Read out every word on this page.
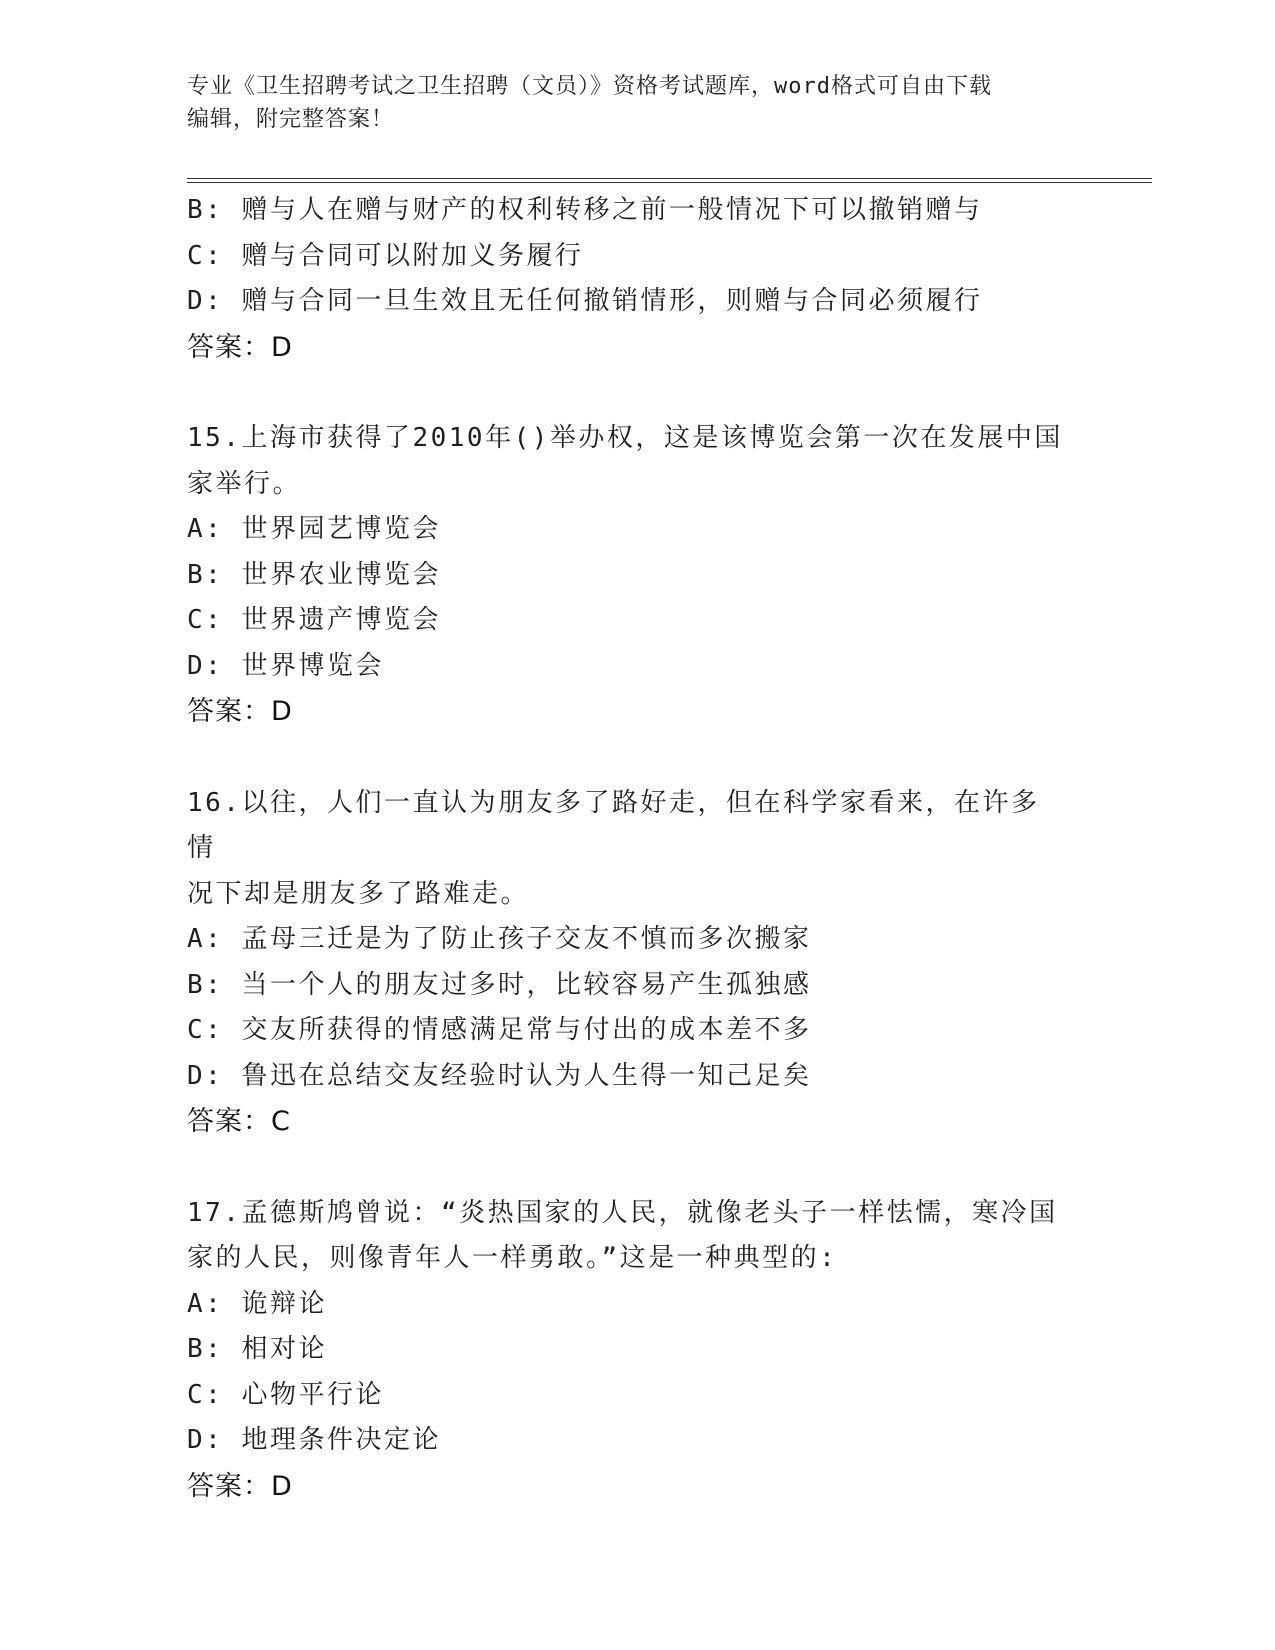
专业《卫生招聘考试之卫生招聘（文员）》资格考试题库，word格式可自由下载
编辑，附完整答案！
B: 赠与人在赠与财产的权利转移之前一般情况下可以撤销赠与
C: 赠与合同可以附加义务履行
D: 赠与合同一旦生效且无任何撤销情形，则赠与合同必须履行
答案：D
15.上海市获得了2010年()举办权，这是该博览会第一次在发展中国
家举行。
A: 世界园艺博览会
B: 世界农业博览会
C: 世界遗产博览会
D: 世界博览会
答案：D
16.以往，人们一直认为朋友多了路好走，但在科学家看来，在许多情
况下却是朋友多了路难走。
A: 孟母三迁是为了防止孩子交友不慎而多次搬家
B: 当一个人的朋友过多时，比较容易产生孤独感
C: 交友所获得的情感满足常与付出的成本差不多
D: 鲁迅在总结交友经验时认为人生得一知己足矣
答案：C
17.孟德斯鸠曾说：“炎热国家的人民，就像老头子一样怯懦，寒冷国
家的人民，则像青年人一样勇敢。”这是一种典型的:
A: 诡辩论
B: 相对论
C: 心物平行论
D: 地理条件决定论
答案：D
